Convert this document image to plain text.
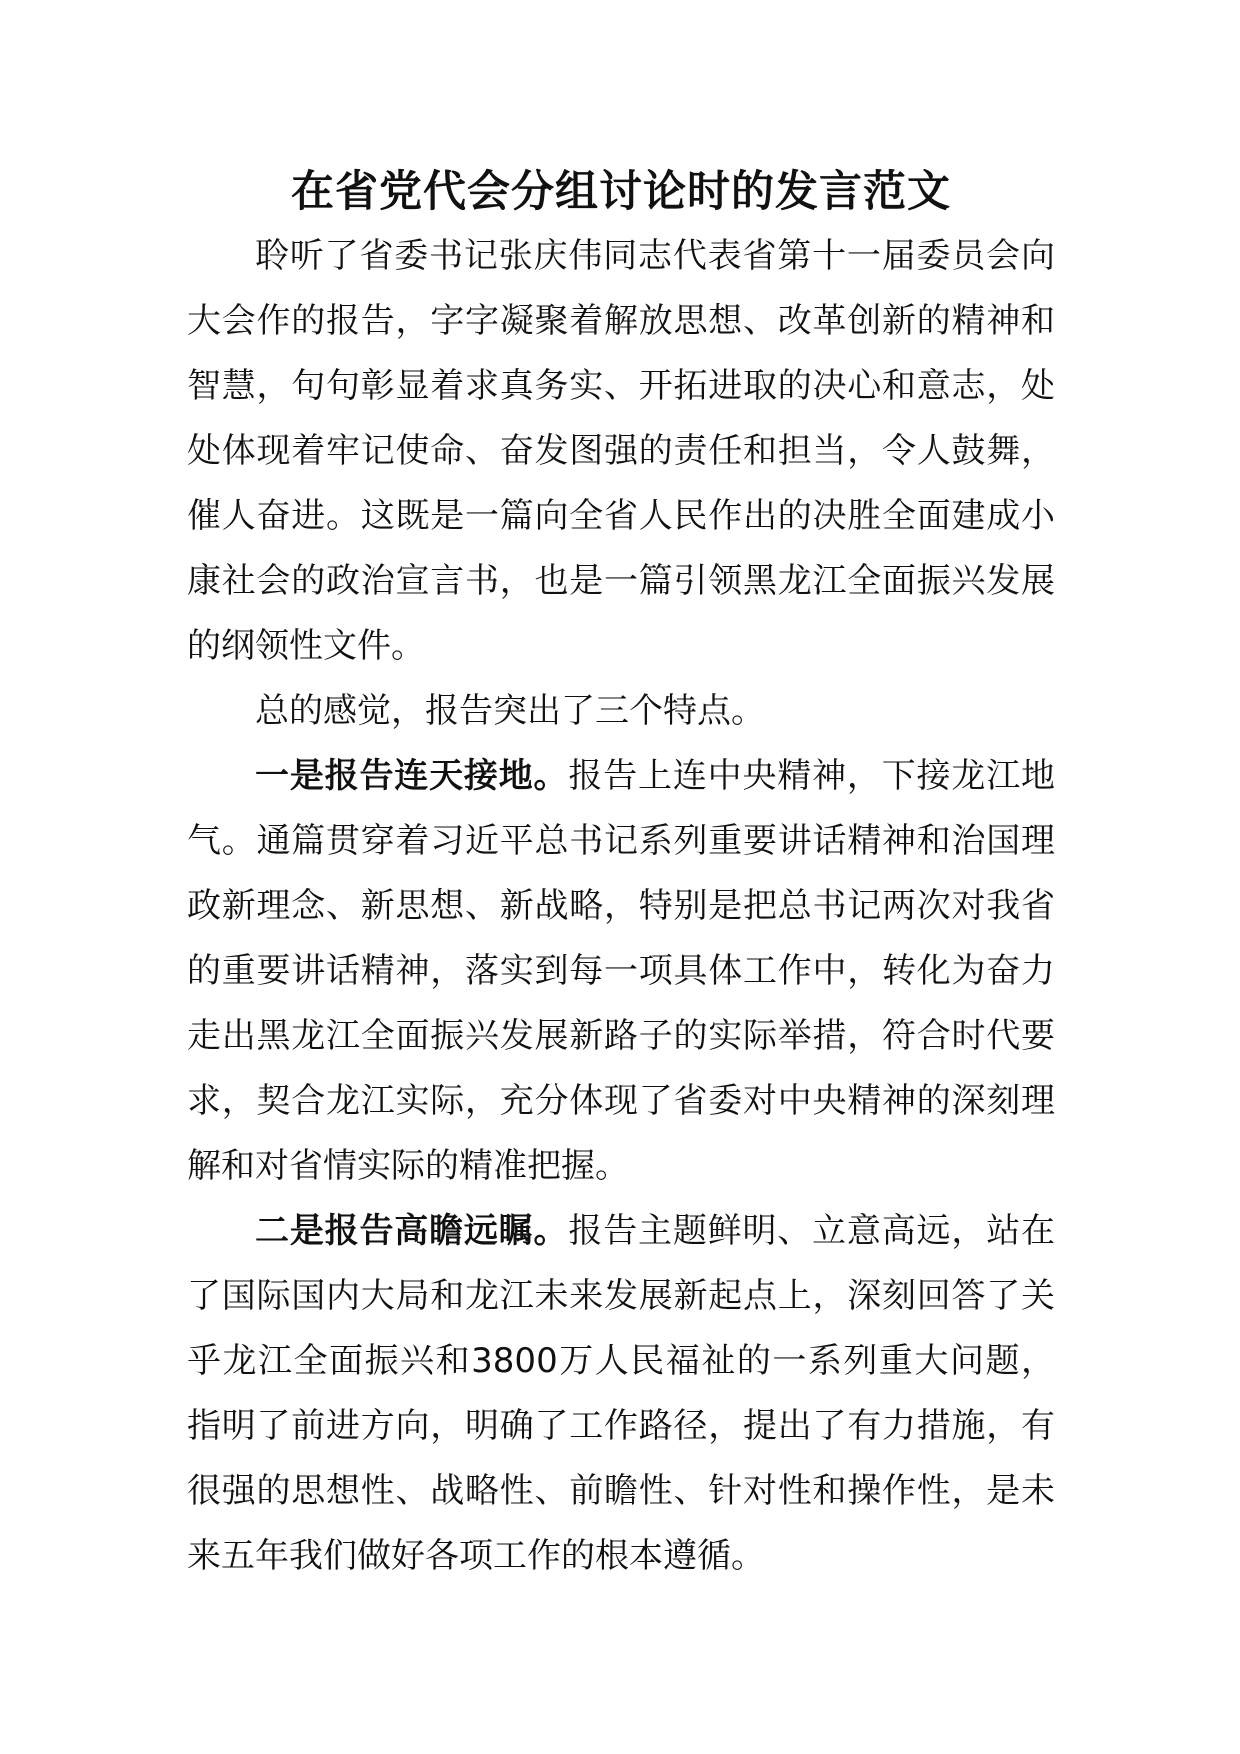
在省党代会分组讨论时的发言范文

聆听了省委书记张庆伟同志代表省第十一届委员会向大会作的报告，字字凝聚着解放思想、改革创新的精神和智慧，句句彰显着求真务实、开拓进取的决心和意志，处处体现着牢记使命、奋发图强的责任和担当，令人鼓舞，催人奋进。这既是一篇向全省人民作出的决胜全面建成小康社会的政治宣言书，也是一篇引领黑龙江全面振兴发展的纲领性文件。

总的感觉，报告突出了三个特点。

一是报告连天接地。报告上连中央精神，下接龙江地气。通篇贯穿着习近平总书记系列重要讲话精神和治国理政新理念、新思想、新战略，特别是把总书记两次对我省的重要讲话精神，落实到每一项具体工作中，转化为奋力走出黑龙江全面振兴发展新路子的实际举措，符合时代要求，契合龙江实际，充分体现了省委对中央精神的深刻理解和对省情实际的精准把握。

二是报告高瞻远瞩。报告主题鲜明、立意高远，站在了国际国内大局和龙江未来发展新起点上，深刻回答了关乎龙江全面振兴和3800万人民福祉的一系列重大问题，指明了前进方向，明确了工作路径，提出了有力措施，有很强的思想性、战略性、前瞻性、针对性和操作性，是未来五年我们做好各项工作的根本遵循。
